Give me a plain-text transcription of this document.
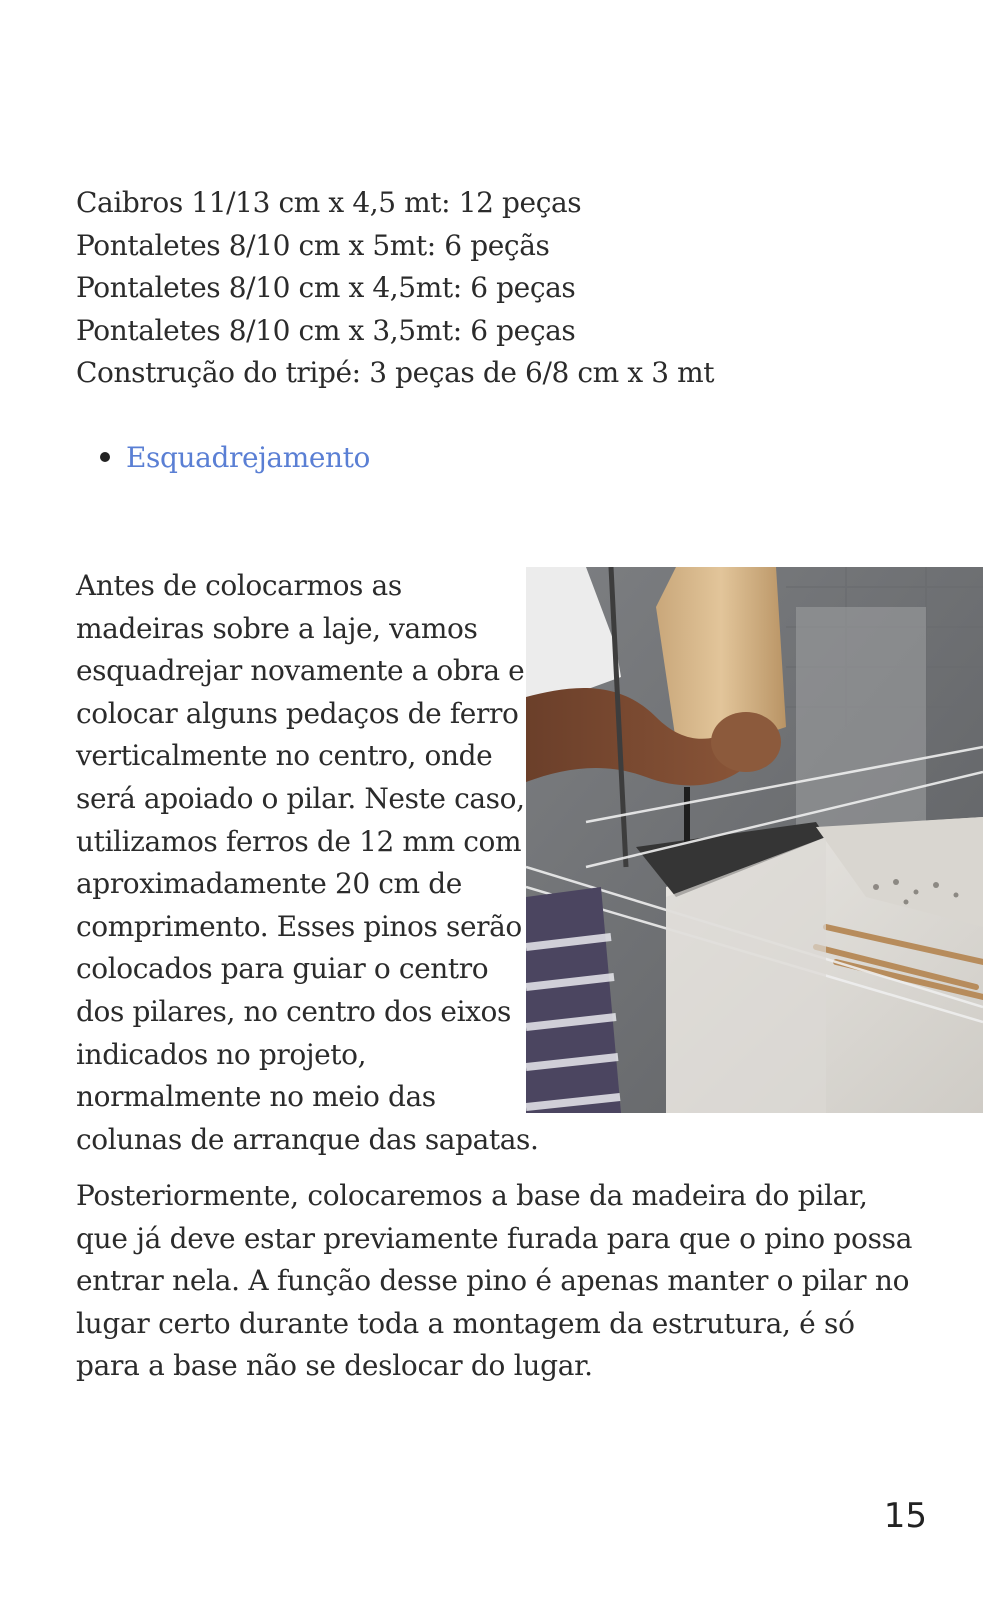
Caibros 11/13 cm x 4,5 mt: 12 peças
Pontaletes 8/10 cm x 5mt: 6 peçãs
Pontaletes 8/10 cm x 4,5mt: 6 peças
Pontaletes 8/10 cm x 3,5mt: 6 peças
Construção do tripé: 3 peças de 6/8 cm x 3 mt
Esquadrejamento
Antes de colocarmos as
madeiras sobre a laje, vamos
esquadrejar novamente a obra e
colocar alguns pedaços de ferro
verticalmente no centro, onde
será apoiado o pilar. Neste caso,
utilizamos ferros de 12 mm com
aproximadamente 20 cm de
comprimento. Esses pinos serão
colocados para guiar o centro
dos pilares, no centro dos eixos
indicados no projeto,
normalmente no meio das
colunas de arranque das sapatas.
Posteriormente, colocaremos a base da madeira do pilar,
que já deve estar previamente furada para que o pino possa
entrar nela. A função desse pino é apenas manter o pilar no
lugar certo durante toda a montagem da estrutura, é só
para a base não se deslocar do lugar.
15
